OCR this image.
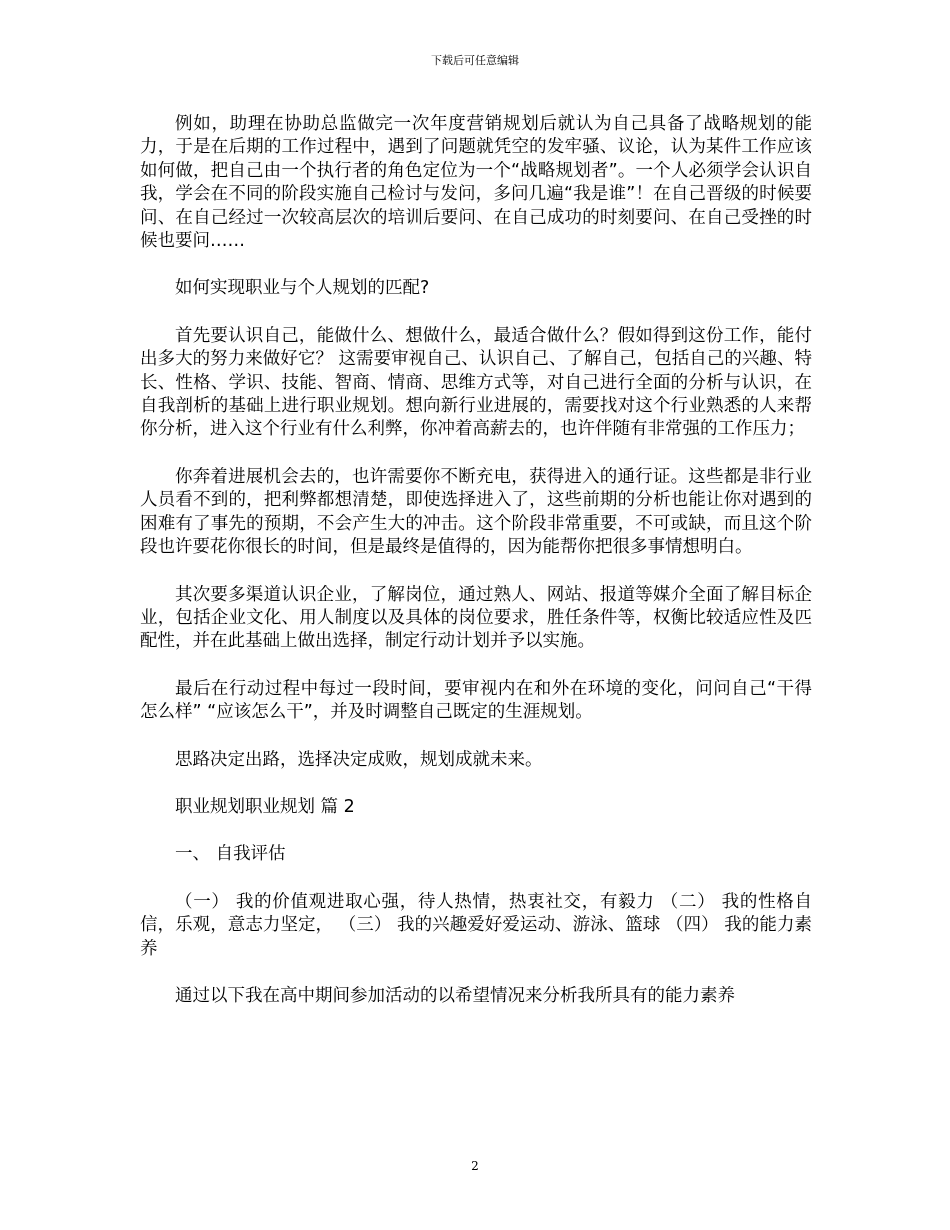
下载后可任意编辑

例如，助理在协助总监做完一次年度营销规划后就认为自己具备了战略规划的能力，于是在后期的工作过程中，遇到了问题就凭空的发牢骚、议论，认为某件工作应该如何做，把自己由一个执行者的角色定位为一个“战略规划者”。一个人必须学会认识自我，学会在不同的阶段实施自己检讨与发问，多问几遍“我是谁”！在自己晋级的时候要问、在自己经过一次较高层次的培训后要问、在自己成功的时刻要问、在自己受挫的时候也要问……

如何实现职业与个人规划的匹配?

首先要认识自己，能做什么、想做什么，最适合做什么？假如得到这份工作，能付出多大的努力来做好它？ 这需要审视自己、认识自己、了解自己，包括自己的兴趣、特长、性格、学识、技能、智商、情商、思维方式等，对自己进行全面的分析与认识，在自我剖析的基础上进行职业规划。想向新行业进展的，需要找对这个行业熟悉的人来帮你分析，进入这个行业有什么利弊，你冲着高薪去的，也许伴随有非常强的工作压力；

你奔着进展机会去的，也许需要你不断充电，获得进入的通行证。这些都是非行业人员看不到的，把利弊都想清楚，即使选择进入了，这些前期的分析也能让你对遇到的困难有了事先的预期，不会产生大的冲击。这个阶段非常重要，不可或缺，而且这个阶段也许要花你很长的时间，但是最终是值得的，因为能帮你把很多事情想明白。

其次要多渠道认识企业，了解岗位，通过熟人、网站、报道等媒介全面了解目标企业，包括企业文化、用人制度以及具体的岗位要求，胜任条件等，权衡比较适应性及匹配性，并在此基础上做出选择，制定行动计划并予以实施。

最后在行动过程中每过一段时间，要审视内在和外在环境的变化，问问自己“干得怎么样” “应该怎么干”，并及时调整自己既定的生涯规划。

思路决定出路，选择决定成败，规划成就未来。

职业规划职业规划 篇 2

一、 自我评估

（一） 我的价值观进取心强，待人热情，热衷社交，有毅力 （二） 我的性格自信，乐观，意志力坚定， （三） 我的兴趣爱好爱运动、游泳、篮球 （四） 我的能力素养

通过以下我在高中期间参加活动的以希望情况来分析我所具有的能力素养

2
